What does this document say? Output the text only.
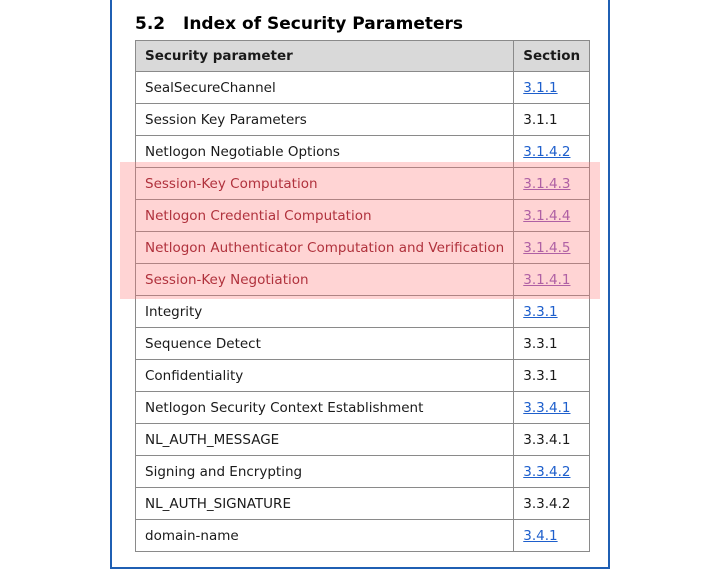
5.2 Index of Security Parameters
Security parameter	Section
SealSecureChannel	3.1.1
Session Key Parameters	3.1.1
Netlogon Negotiable Options	3.1.4.2
Session-Key Computation	3.1.4.3
Netlogon Credential Computation	3.1.4.4
Netlogon Authenticator Computation and Verification	3.1.4.5
Session-Key Negotiation	3.1.4.1
Integrity	3.3.1
Sequence Detect	3.3.1
Confidentiality	3.3.1
Netlogon Security Context Establishment	3.3.4.1
NL_AUTH_MESSAGE	3.3.4.1
Signing and Encrypting	3.3.4.2
NL_AUTH_SIGNATURE	3.3.4.2
domain-name	3.4.1
